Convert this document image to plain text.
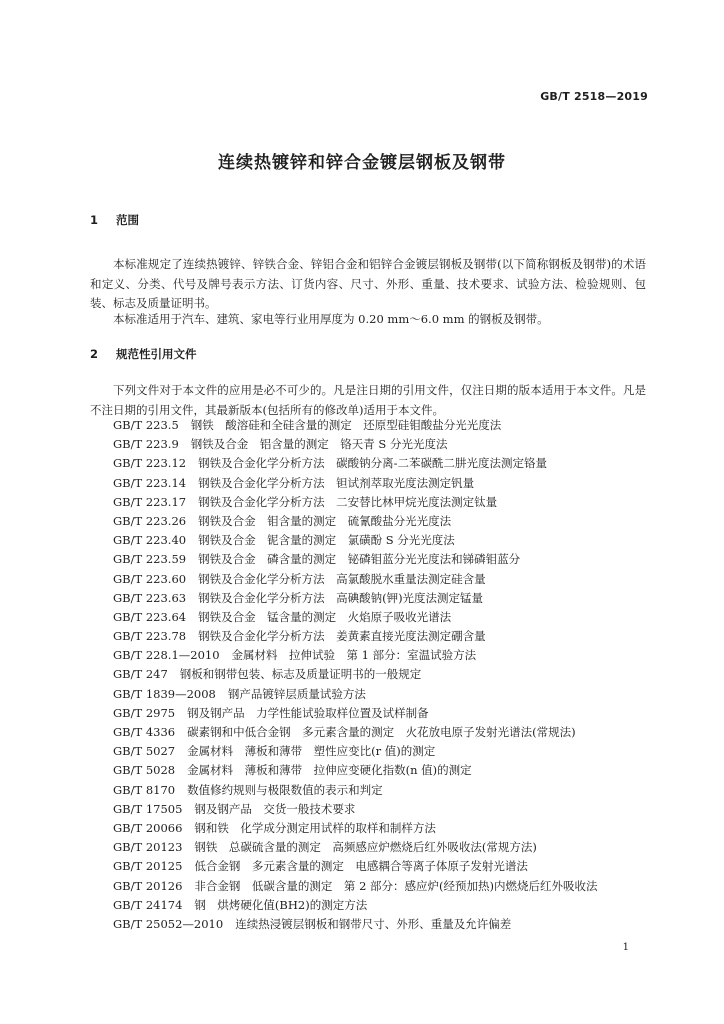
GB/T 2518—2019
连续热镀锌和锌合金镀层钢板及钢带
1 范围
本标准规定了连续热镀锌、锌铁合金、锌铝合金和铝锌合金镀层钢板及钢带(以下简称钢板及钢带)的术语和定义、分类、代号及牌号表示方法、订货内容、尺寸、外形、重量、技术要求、试验方法、检验规则、包装、标志及质量证明书。
本标准适用于汽车、建筑、家电等行业用厚度为 0.20 mm～6.0 mm 的钢板及钢带。
2 规范性引用文件
下列文件对于本文件的应用是必不可少的。凡是注日期的引用文件，仅注日期的版本适用于本文件。凡是不注日期的引用文件，其最新版本(包括所有的修改单)适用于本文件。
GB/T 223.5 钢铁　酸溶硅和全硅含量的测定　还原型硅钼酸盐分光光度法
GB/T 223.9 钢铁及合金　铝含量的测定　铬天青 S 分光光度法
GB/T 223.12 钢铁及合金化学分析方法　碳酸钠分离-二苯碳酰二肼光度法测定铬量
GB/T 223.14 钢铁及合金化学分析方法　钽试剂萃取光度法测定钒量
GB/T 223.17 钢铁及合金化学分析方法　二安替比林甲烷光度法测定钛量
GB/T 223.26 钢铁及合金　钼含量的测定　硫氰酸盐分光光度法
GB/T 223.40 钢铁及合金　铌含量的测定　氯磺酚 S 分光光度法
GB/T 223.59 钢铁及合金　磷含量的测定　铋磷钼蓝分光光度法和锑磷钼蓝分
GB/T 223.60 钢铁及合金化学分析方法　高氯酸脱水重量法测定硅含量
GB/T 223.63 钢铁及合金化学分析方法　高碘酸钠(钾)光度法测定锰量
GB/T 223.64 钢铁及合金　锰含量的测定　火焰原子吸收光谱法
GB/T 223.78 钢铁及合金化学分析方法　姜黄素直接光度法测定硼含量
GB/T 228.1—2010 金属材料　拉伸试验　第 1 部分：室温试验方法
GB/T 247 钢板和钢带包装、标志及质量证明书的一般规定
GB/T 1839—2008 钢产品镀锌层质量试验方法
GB/T 2975 钢及钢产品　力学性能试验取样位置及试样制备
GB/T 4336 碳素钢和中低合金钢　多元素含量的测定　火花放电原子发射光谱法(常规法)
GB/T 5027 金属材料　薄板和薄带　塑性应变比(r 值)的测定
GB/T 5028 金属材料　薄板和薄带　拉伸应变硬化指数(n 值)的测定
GB/T 8170 数值修约规则与极限数值的表示和判定
GB/T 17505 钢及钢产品　交货一般技术要求
GB/T 20066 钢和铁　化学成分测定用试样的取样和制样方法
GB/T 20123 钢铁　总碳硫含量的测定　高频感应炉燃烧后红外吸收法(常规方法)
GB/T 20125 低合金钢　多元素含量的测定　电感耦合等离子体原子发射光谱法
GB/T 20126 非合金钢　低碳含量的测定　第 2 部分：感应炉(经预加热)内燃烧后红外吸收法
GB/T 24174 钢　烘烤硬化值(BH2)的测定方法
GB/T 25052—2010 连续热浸镀层钢板和钢带尺寸、外形、重量及允许偏差
1
